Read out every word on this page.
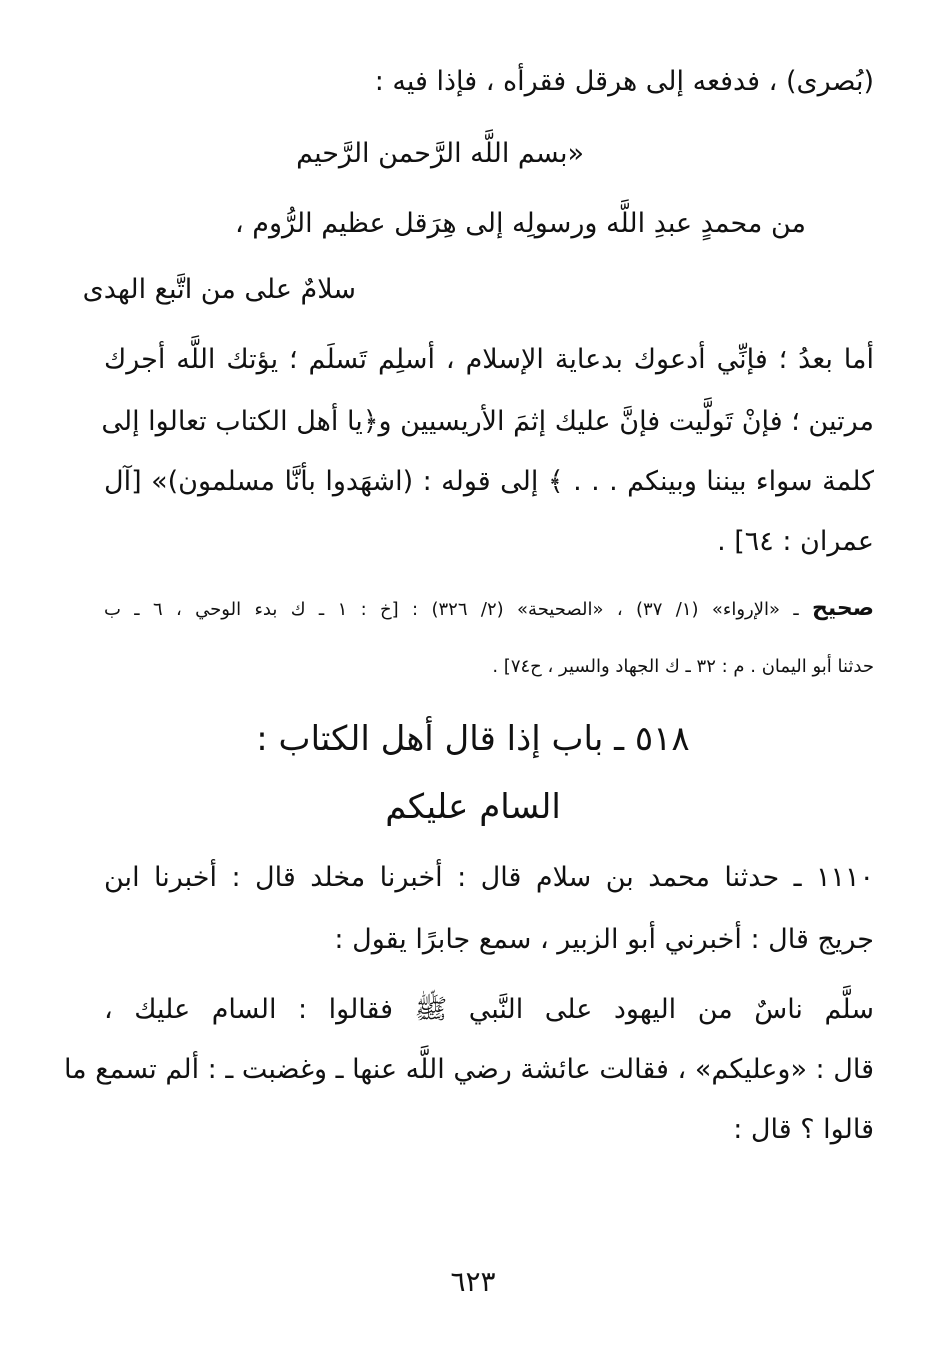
(بُصرى) ، فدفعه إلى هرقل فقرأه ، فإذا فيه :
«بسم اللَّه الرَّحمن الرَّحيم
من محمدٍ عبدِ اللَّه ورسولِه إلى هِرَقل عظيم الرُّوم ،
سلامٌ على من اتَّبع الهدى
أما بعدُ ؛ فإنِّي أدعوك بدعاية الإسلام ، أسلِم تَسلَم ؛ يؤتك اللَّه أجرك
مرتين ؛ فإنْ تَولَّيت فإنَّ عليك إثمَ الأريسيين و﴿يا أهل الكتاب تعالوا إلى
كلمة سواء بيننا وبينكم . . . ﴾ إلى قوله : (اشهَدوا بأنَّا مسلمون)» [آل
عمران : ٦٤] .
صحيح ـ «الإرواء» (١/ ٣٧) ، «الصحيحة» (٢/ ٣٢٦) : [خ : ١ ـ ك بدء الوحي ، ٦ ـ ب
حدثنا أبو اليمان . م : ٣٢ ـ ك الجهاد والسير ، ح٧٤] .
٥١٨ ـ باب إذا قال أهل الكتاب :
السام عليكم
١١١٠ ـ حدثنا محمد بن سلام قال : أخبرنا مخلد قال : أخبرنا ابن
جريج قال : أخبرني أبو الزبير ، سمع جابرًا يقول :
سلَّم ناسٌ من اليهود على النَّبي ﷺ فقالوا : السام عليك ،
قال : «وعليكم» ، فقالت عائشة رضي اللَّه عنها ـ وغضبت ـ : ألم تسمع ما
قالوا ؟ قال :
٦٢٣
